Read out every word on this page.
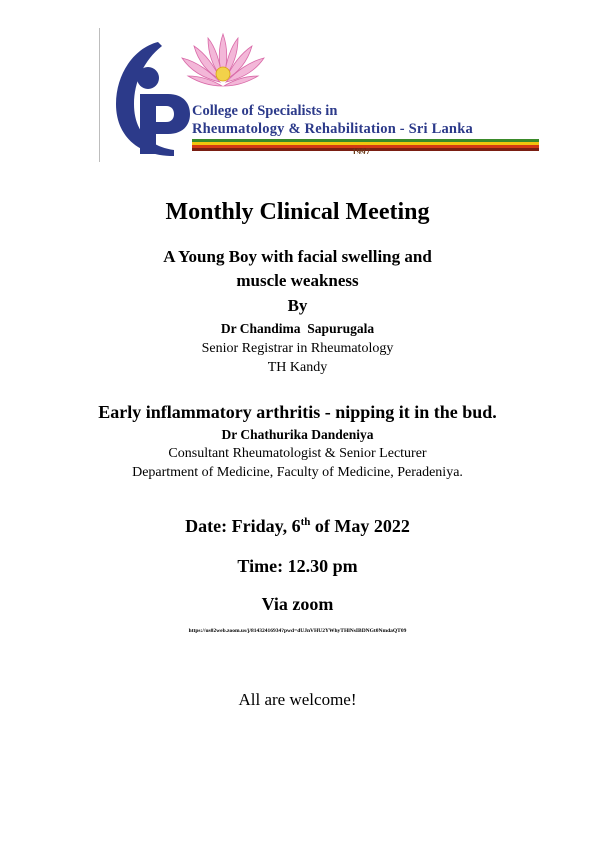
College of Specialists in
Rheumatology & Rehabilitation - Sri Lanka
1997
Monthly Clinical Meeting
A Young Boy with facial swelling and
muscle weakness
By
Dr Chandima  Sapurugala
Senior Registrar in Rheumatology
TH Kandy
Early inflammatory arthritis - nipping it in the bud.
Dr Chathurika Dandeniya
Consultant Rheumatologist & Senior Lecturer
Department of Medicine, Faculty of Medicine, Peradeniya.
Date: Friday, 6th of May 2022
Time: 12.30 pm
Via zoom
https://us02web.zoom.us/j/81432416934?pwd=dUJnVHU2YWhyTHlNsIBDNGt0NmdaQT09
All are welcome!
